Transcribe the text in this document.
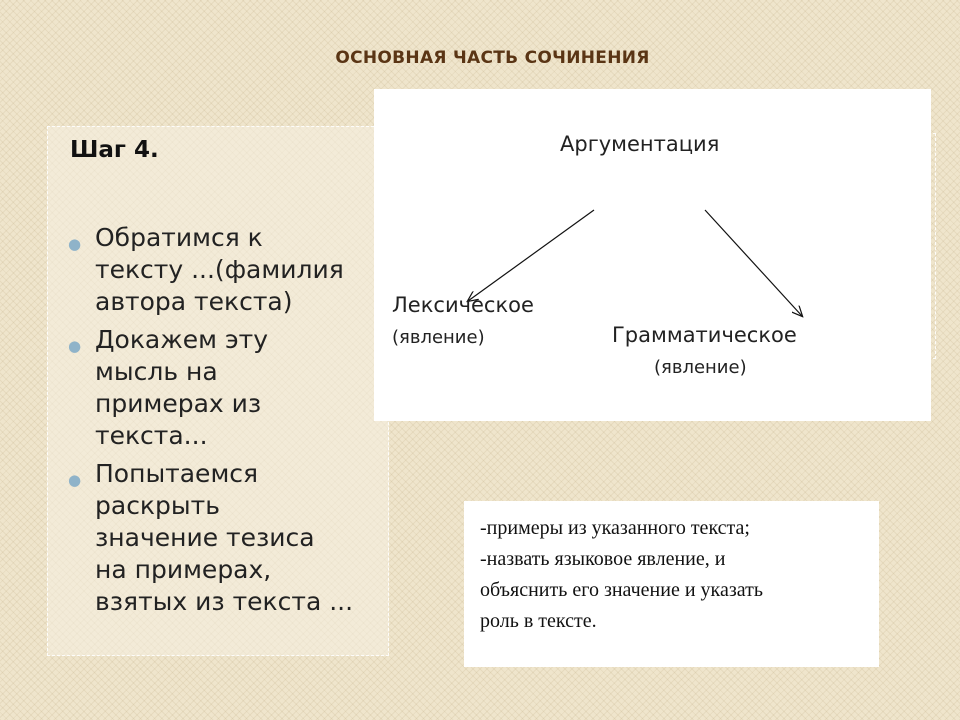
ОСНОВНАЯ ЧАСТЬ СОЧИНЕНИЯ
Шаг 4.
● Обратимся к
тексту ...(фамилия
автора текста)
● Докажем эту
мысль на
примерах из
текста...
● Попытаемся
раскрыть
значение тезиса
на примерах,
взятых из текста ...
Аргументация
Лексическое
(явление)	Грамматическое
(явление)
-примеры из указанного текста;
-назвать языковое явление, и
объяснить его значение и указать
роль в тексте.
